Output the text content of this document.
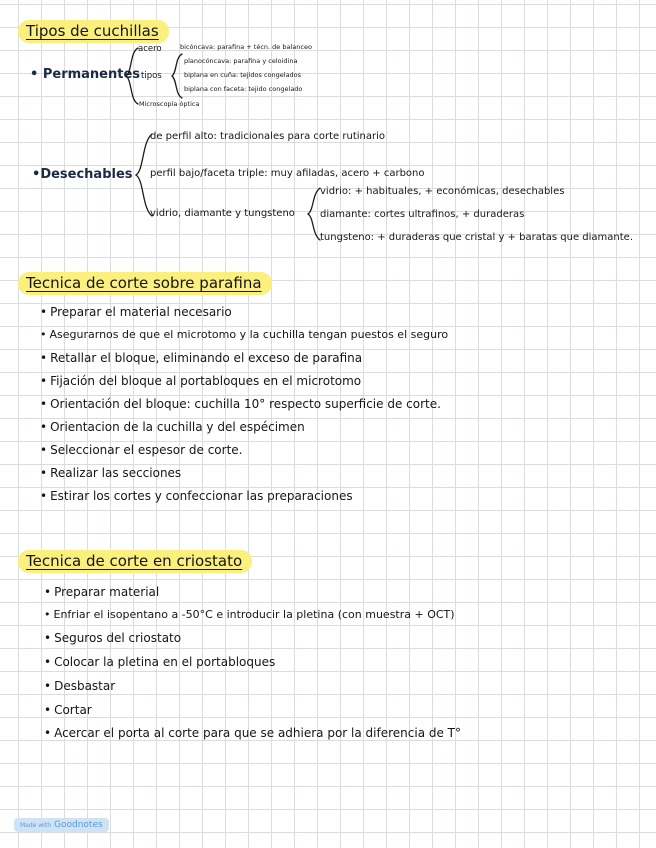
Tipos de cuchillas
• Permanentes
acero	bicóncava: parafina + técn. de balanceo
tipos
planocóncava: parafina y celoidina
biplana en cuña: tejidos congelados
biplana con faceta: tejido congelado
Microscopía óptica
•Desechables
de perfil alto: tradicionales para corte rutinario
perfil bajo/faceta triple: muy afiladas, acero + carbono
vidrio, diamante y tungsteno
vidrio: + habituales, + económicas, desechables
diamante: cortes ultrafinos, + duraderas
tungsteno: + duraderas que cristal y + baratas que diamante.
Tecnica de corte sobre parafina
• Preparar el material necesario
• Asegurarnos de que el microtomo y la cuchilla tengan puestos el seguro
• Retallar el bloque, eliminando el exceso de parafina
• Fijación del bloque al portabloques en el microtomo
• Orientación del bloque: cuchilla 10° respecto superficie de corte.
• Orientacion de la cuchilla y del espécimen
• Seleccionar el espesor de corte.
• Realizar las secciones
• Estirar los cortes y confeccionar las preparaciones
Tecnica de corte en criostato
• Preparar material
• Enfriar el isopentano a -50°C e introducir la pletina (con muestra + OCT)
• Seguros del criostato
• Colocar la pletina en el portabloques
• Desbastar
• Cortar
• Acercar el porta al corte para que se adhiera por la diferencia de T°
Made with Goodnotes
